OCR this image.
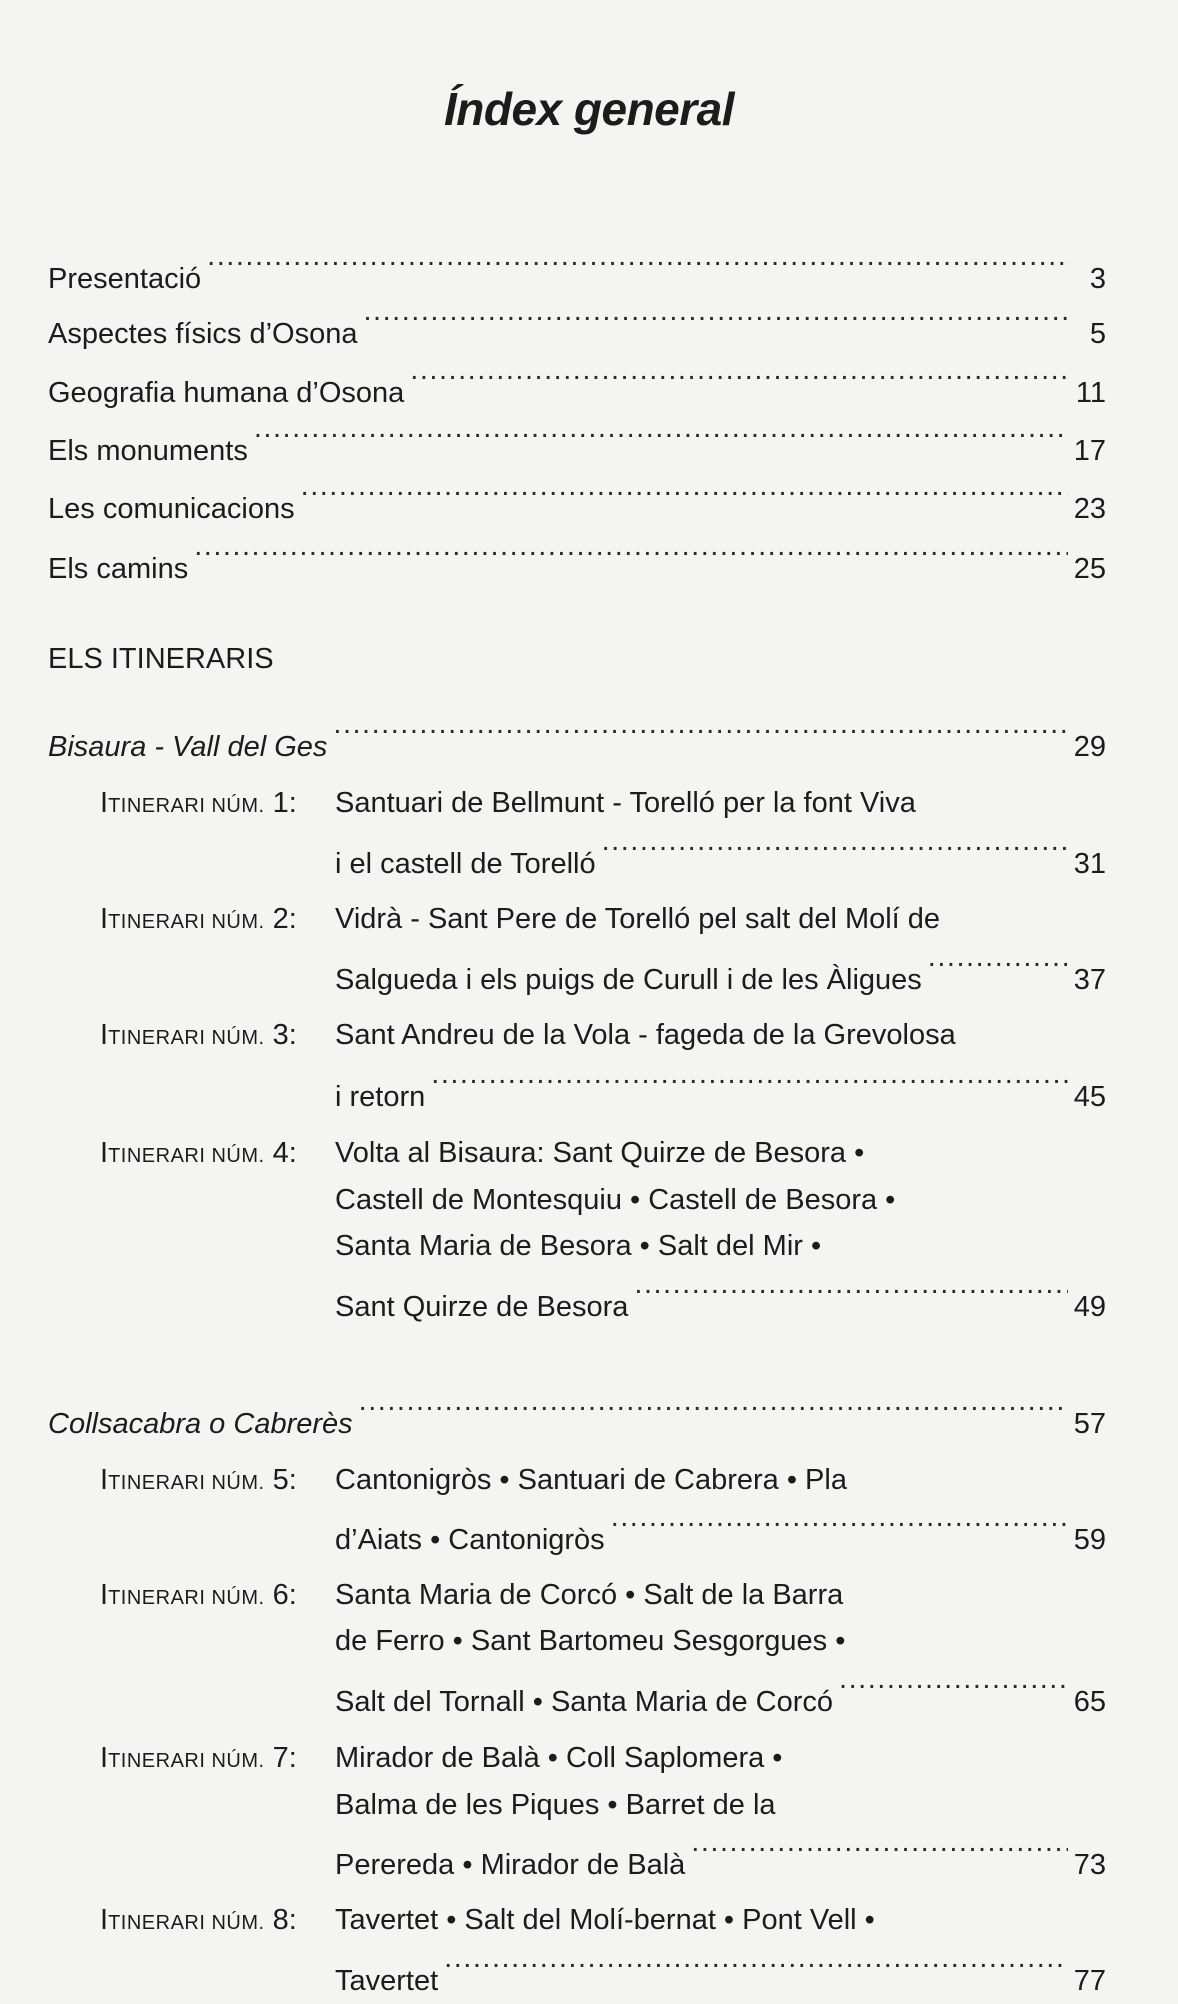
Índex general
Presentació .....	3
Aspectes físics d’Osona .....	5
Geografia humana d’Osona .....	11
Els monuments .....	17
Les comunicacions .....	23
Els camins .....	25
ELS ITINERARIS
Bisaura - Vall del Ges .....	29
ITINERARI NÚM. 1: Santuari de Bellmunt - Torelló per la font Viva
i el castell de Torelló .....	31
ITINERARI NÚM. 2: Vidrà - Sant Pere de Torelló pel salt del Molí de
Salgueda i els puigs de Curull i de les Àligues .....	37
ITINERARI NÚM. 3: Sant Andreu de la Vola - fageda de la Grevolosa
i retorn .....	45
ITINERARI NÚM. 4: Volta al Bisaura: Sant Quirze de Besora •
Castell de Montesquiu • Castell de Besora •
Santa Maria de Besora • Salt del Mir •
Sant Quirze de Besora .....	49
Collsacabra o Cabrerès .....	57
ITINERARI NÚM. 5: Cantonigròs • Santuari de Cabrera • Pla
d’Aiats • Cantonigròs .....	59
ITINERARI NÚM. 6: Santa Maria de Corcó • Salt de la Barra
de Ferro • Sant Bartomeu Sesgorgues •
Salt del Tornall • Santa Maria de Corcó .....	65
ITINERARI NÚM. 7: Mirador de Balà • Coll Saplomera •
Balma de les Piques • Barret de la
Perereda • Mirador de Balà .....	73
ITINERARI NÚM. 8: Tavertet • Salt del Molí-bernat • Pont Vell •
Tavertet .....	77
